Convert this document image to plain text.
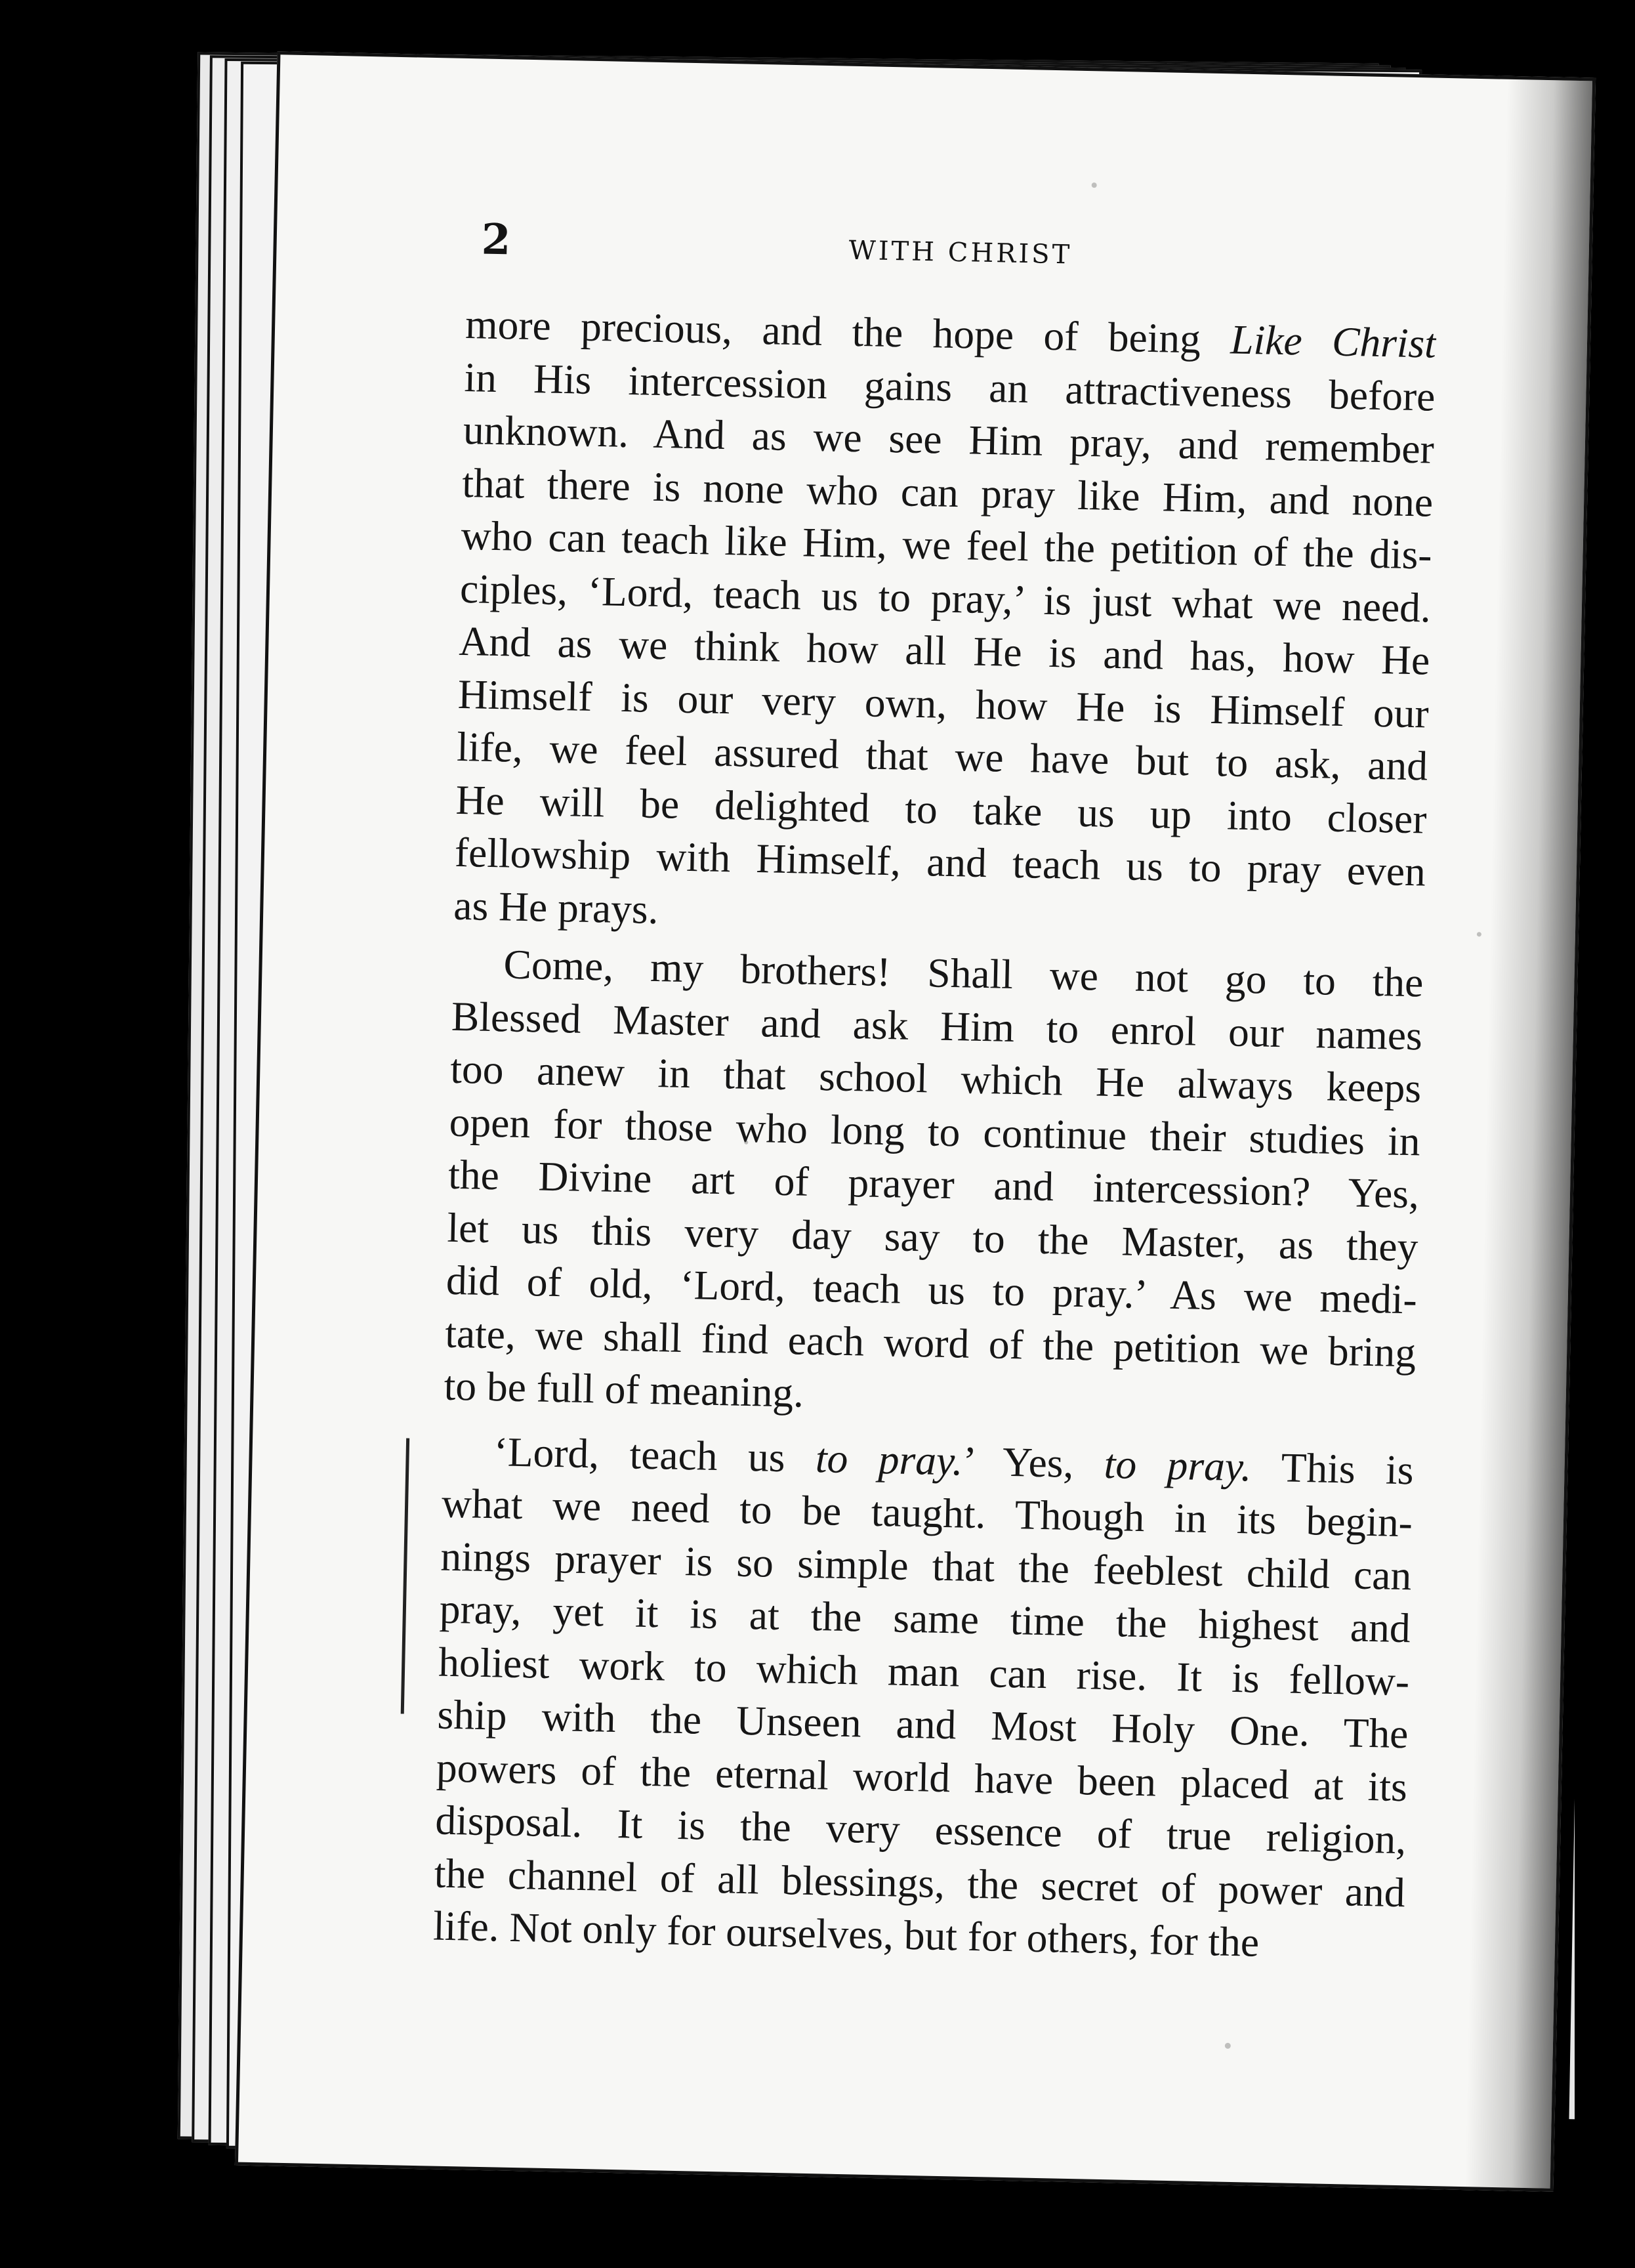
2	WITH CHRIST
more precious, and the hope of being Like Christ
in His intercession gains an attractiveness before
unknown. And as we see Him pray, and remember
that there is none who can pray like Him, and none
who can teach like Him, we feel the petition of the dis-
ciples, ‘Lord, teach us to pray,’ is just what we need.
And as we think how all He is and has, how He
Himself is our very own, how He is Himself our
life, we feel assured that we have but to ask, and
He will be delighted to take us up into closer
fellowship with Himself, and teach us to pray even
as He prays.
Come, my brothers! Shall we not go to the
Blessed Master and ask Him to enrol our names
too anew in that school which He always keeps
open for those who long to continue their studies in
the Divine art of prayer and intercession? Yes,
let us this very day say to the Master, as they
did of old, ‘Lord, teach us to pray.’ As we medi-
tate, we shall find each word of the petition we bring
to be full of meaning.
‘Lord, teach us to pray.’ Yes, to pray. This is
what we need to be taught. Though in its begin-
nings prayer is so simple that the feeblest child can
pray, yet it is at the same time the highest and
holiest work to which man can rise. It is fellow-
ship with the Unseen and Most Holy One. The
powers of the eternal world have been placed at its
disposal. It is the very essence of true religion,
the channel of all blessings, the secret of power and
life. Not only for ourselves, but for others, for the
